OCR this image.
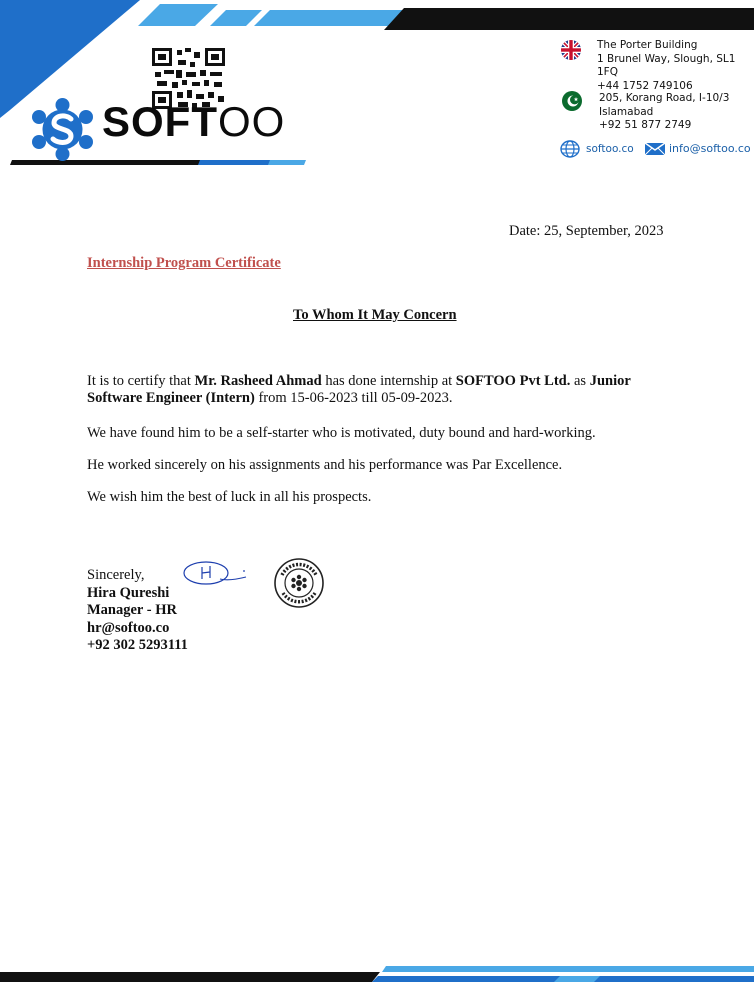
SOFTOO
The Porter Building
1 Brunel Way, Slough, SL1 1FQ
+44 1752 749106
205, Korang Road, I-10/3
Islamabad
+92 51 877 2749
softoo.co	info@softoo.co
Date: 25, September, 2023
Internship Program Certificate
To Whom It May Concern
It is to certify that Mr. Rasheed Ahmad has done internship at SOFTOO Pvt Ltd. as Junior Software Engineer (Intern) from 15-06-2023 till 05-09-2023.
We have found him to be a self-starter who is motivated, duty bound and hard-working.
He worked sincerely on his assignments and his performance was Par Excellence.
We wish him the best of luck in all his prospects.
Sincerely,
Hira Qureshi
Manager - HR
hr@softoo.co
+92 302 5293111
